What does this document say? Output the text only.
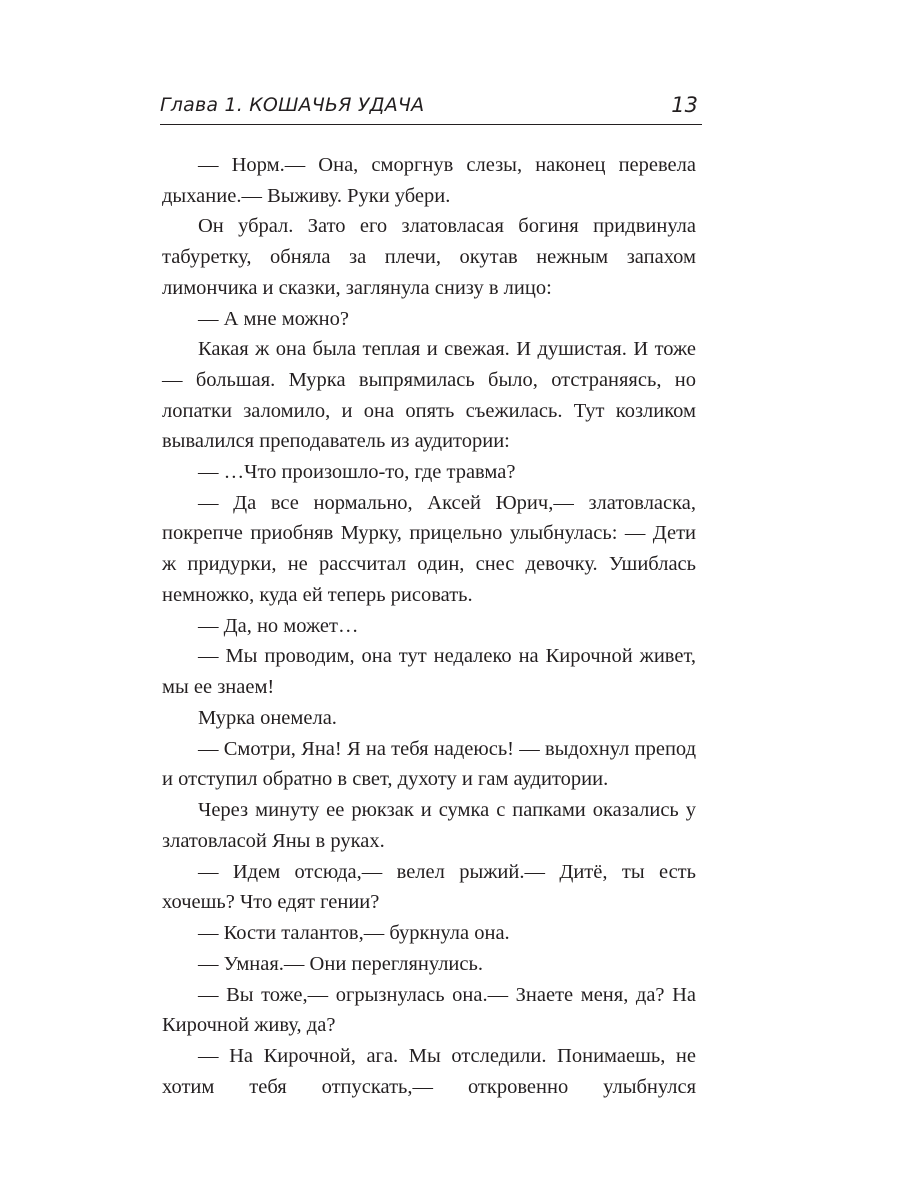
Глава 1. КОШАЧЬЯ УДАЧА	13

— Норм.— Она, сморгнув слезы, наконец перевела дыхание.— Выживу. Руки убери.

Он убрал. Зато его златовласая богиня придвинула табуретку, обняла за плечи, окутав нежным запахом лимончика и сказки, заглянула снизу в лицо:

— А мне можно?

Какая ж она была теплая и свежая. И душистая. И тоже — большая. Мурка выпрямилась было, отстраняясь, но лопатки заломило, и она опять съежилась. Тут козликом вывалился преподаватель из аудитории:

— …Что произошло-то, где травма?

— Да все нормально, Аксей Юрич,— златовласка, покрепче приобняв Мурку, прицельно улыбнулась: — Дети ж придурки, не рассчитал один, снес девочку. Ушиблась немножко, куда ей теперь рисовать.

— Да, но может…

— Мы проводим, она тут недалеко на Кирочной живет, мы ее знаем!

Мурка онемела.

— Смотри, Яна! Я на тебя надеюсь! — выдохнул препод и отступил обратно в свет, духоту и гам аудитории.

Через минуту ее рюкзак и сумка с папками оказались у златовласой Яны в руках.

— Идем отсюда,— велел рыжий.— Дитё, ты есть хочешь? Что едят гении?

— Кости талантов,— буркнула она.

— Умная.— Они переглянулись.

— Вы тоже,— огрызнулась она.— Знаете меня, да? На Кирочной живу, да?

— На Кирочной, ага. Мы отследили. Понимаешь, не хотим тебя отпускать,— откровенно улыбнулся
